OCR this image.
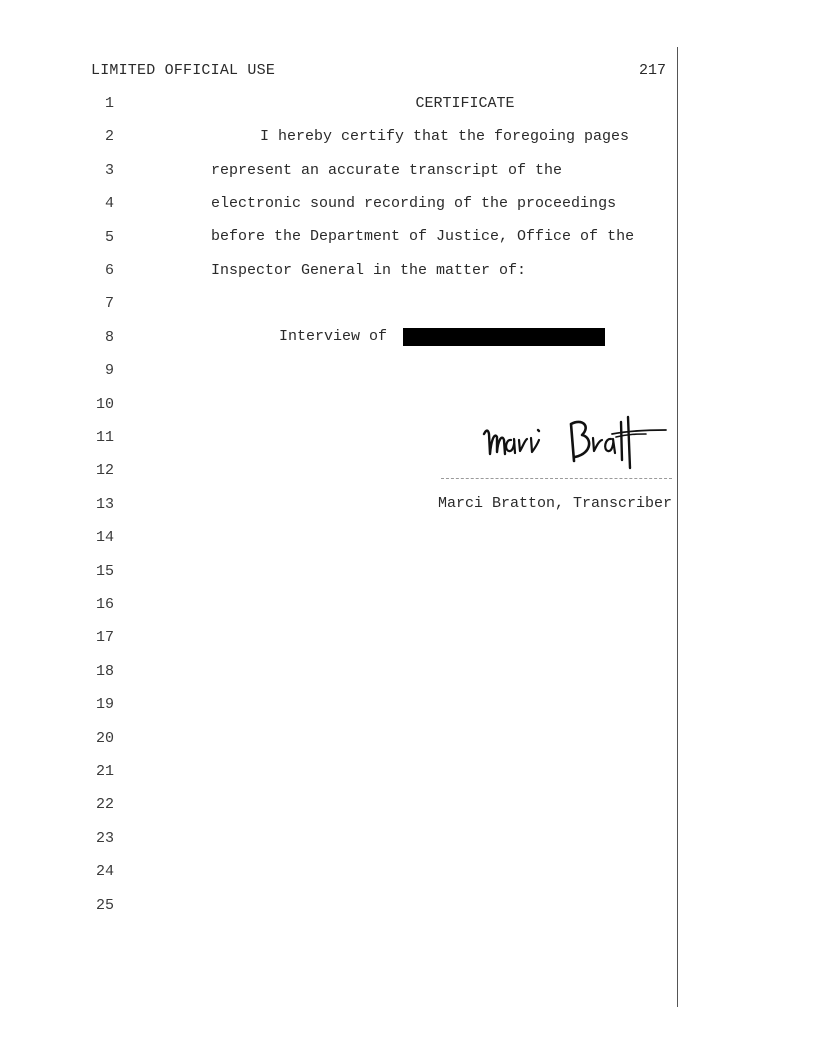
LIMITED OFFICIAL USE	217
1
2
3
4
5
6
7
8
9
10
11
12
13
14
15
16
17
18
19
20
21
22
23
24
25
CERTIFICATE
I hereby certify that the foregoing pages
represent an accurate transcript of the
electronic sound recording of the proceedings
before the Department of Justice, Office of the
Inspector General in the matter of:
Interview of
Marci Bratton, Transcriber
